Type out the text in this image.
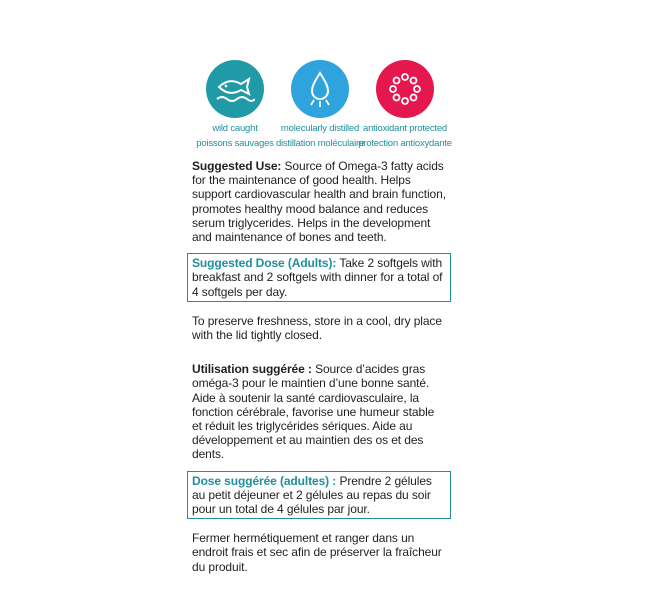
wild caught
poissons sauvages
molecularly distilled
distillation moléculaire
antioxidant protected
protection antioxydante

Suggested Use: Source of Omega-3 fatty acids for the maintenance of good health. Helps support cardiovascular health and brain function, promotes healthy mood balance and reduces serum triglycerides. Helps in the development and maintenance of bones and teeth.

Suggested Dose (Adults): Take 2 softgels with breakfast and 2 softgels with dinner for a total of 4 softgels per day.

To preserve freshness, store in a cool, dry place with the lid tightly closed.

Utilisation suggérée : Source d’acides gras oméga-3 pour le maintien d’une bonne santé. Aide à soutenir la santé cardiovasculaire, la fonction cérébrale, favorise une humeur stable et réduit les triglycérides sériques. Aide au développement et au maintien des os et des dents.

Dose suggérée (adultes) : Prendre 2 gélules au petit déjeuner et 2 gélules au repas du soir pour un total de 4 gélules par jour.

Fermer hermétiquement et ranger dans un endroit frais et sec afin de préserver la fraîcheur du produit.
